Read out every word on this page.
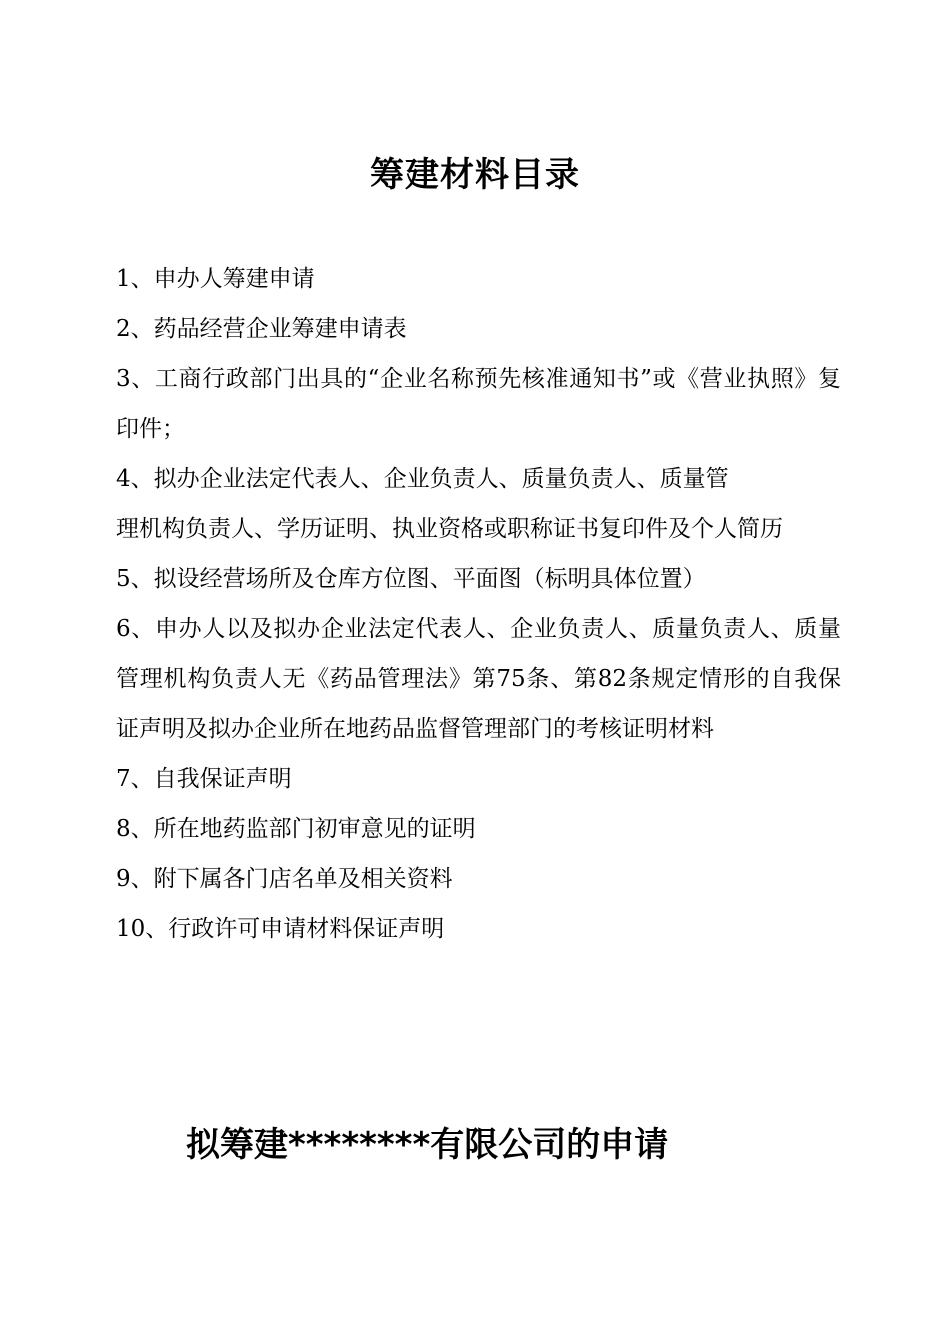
筹建材料目录
1、申办人筹建申请
2、药品经营企业筹建申请表
3、工商行政部门出具的“企业名称预先核准通知书”或《营业执照》复印件；
4、拟办企业法定代表人、企业负责人、质量负责人、质量管
理机构负责人、学历证明、执业资格或职称证书复印件及个人简历
5、拟设经营场所及仓库方位图、平面图（标明具体位置）
6、申办人以及拟办企业法定代表人、企业负责人、质量负责人、质量管理机构负责人无《药品管理法》第75条、第82条规定情形的自我保证声明及拟办企业所在地药品监督管理部门的考核证明材料
7、自我保证声明
8、所在地药监部门初审意见的证明
9、附下属各门店名单及相关资料
10、行政许可申请材料保证声明
拟筹建********有限公司的申请
